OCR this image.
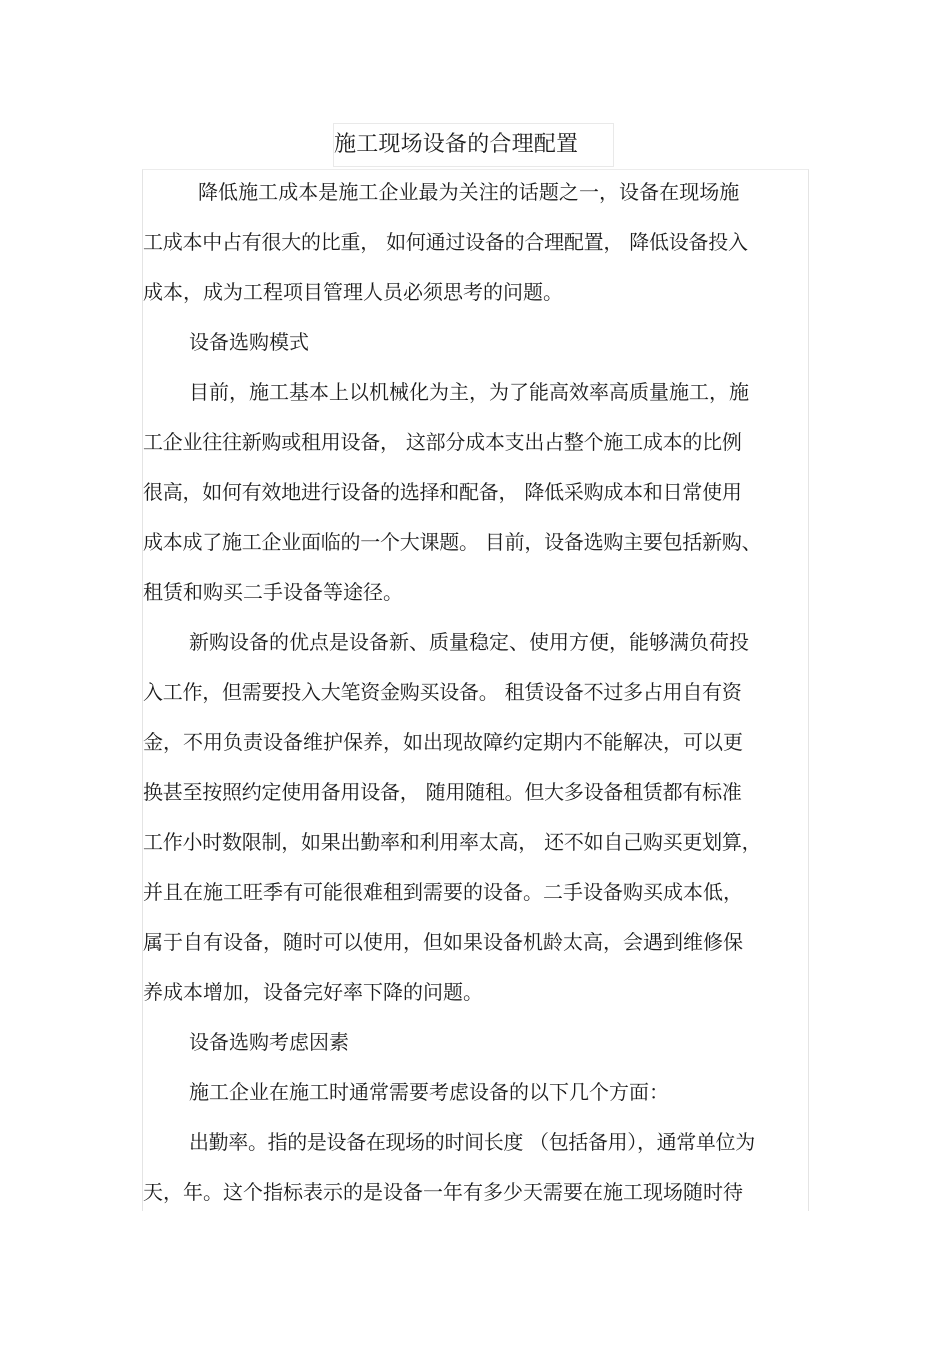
施工现场设备的合理配置
降低施工成本是施工企业最为关注的话题之一，设备在现场施
工成本中占有很大的比重， 如何通过设备的合理配置， 降低设备投入
成本，成为工程项目管理人员必须思考的问题。
设备选购模式
目前，施工基本上以机械化为主，为了能高效率高质量施工，施
工企业往往新购或租用设备， 这部分成本支出占整个施工成本的比例
很高，如何有效地进行设备的选择和配备， 降低采购成本和日常使用
成本成了施工企业面临的一个大课题。 目前，设备选购主要包括新购、
租赁和购买二手设备等途径。
新购设备的优点是设备新、质量稳定、使用方便，能够满负荷投
入工作，但需要投入大笔资金购买设备。 租赁设备不过多占用自有资
金，不用负责设备维护保养，如出现故障约定期内不能解决，可以更
换甚至按照约定使用备用设备， 随用随租。但大多设备租赁都有标准
工作小时数限制，如果出勤率和利用率太高， 还不如自己购买更划算，
并且在施工旺季有可能很难租到需要的设备。二手设备购买成本低，
属于自有设备，随时可以使用，但如果设备机龄太高，会遇到维修保
养成本增加，设备完好率下降的问题。
设备选购考虑因素
施工企业在施工时通常需要考虑设备的以下几个方面：
出勤率。指的是设备在现场的时间长度 （包括备用），通常单位为
天，年。这个指标表示的是设备一年有多少天需要在施工现场随时待
